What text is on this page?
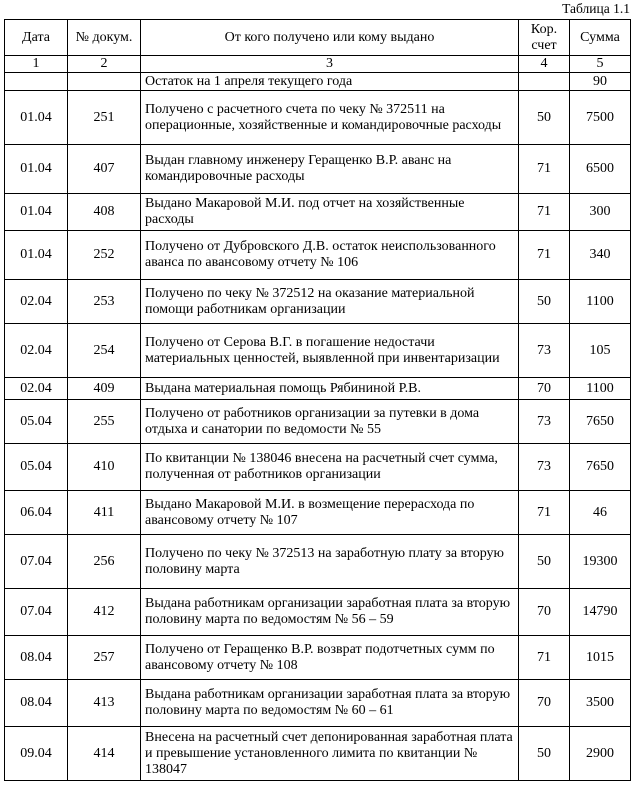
Таблица 1.1
Дата	№ докум.	От кого получено или кому выдано	Кор. счет	Сумма
1	2	3	4	5
		Остаток на 1 апреля текущего года		90
01.04	251	Получено с расчетного счета по чеку № 372511 на операционные, хозяйственные и командировочные расходы	50	7500
01.04	407	Выдан главному инженеру Геращенко В.Р. аванс на командировочные расходы	71	6500
01.04	408	Выдано Макаровой М.И. под отчет на хозяйственные расходы	71	300
01.04	252	Получено от Дубровского Д.В. остаток неиспользованного аванса по авансовому отчету № 106	71	340
02.04	253	Получено по чеку № 372512 на оказание материальной помощи работникам организации	50	1100
02.04	254	Получено от Серова В.Г. в погашение недостачи материальных ценностей, выявленной при инвентаризации	73	105
02.04	409	Выдана материальная помощь Рябининой Р.В.	70	1100
05.04	255	Получено от работников организации за путевки в дома отдыха и санатории по ведомости № 55	73	7650
05.04	410	По квитанции № 138046 внесена на расчетный счет сумма, полученная от работников организации	73	7650
06.04	411	Выдано Макаровой М.И. в возмещение перерасхода по авансовому отчету № 107	71	46
07.04	256	Получено по чеку № 372513 на заработную плату за вторую половину марта	50	19300
07.04	412	Выдана работникам организации заработная плата за вторую половину марта по ведомостям № 56 – 59	70	14790
08.04	257	Получено от Геращенко В.Р. возврат подотчетных сумм по авансовому отчету № 108	71	1015
08.04	413	Выдана работникам организации заработная плата за вторую половину марта по ведомостям № 60 – 61	70	3500
09.04	414	Внесена на расчетный счет депонированная заработная плата и превышение установленного лимита по квитанции № 138047	50	2900
